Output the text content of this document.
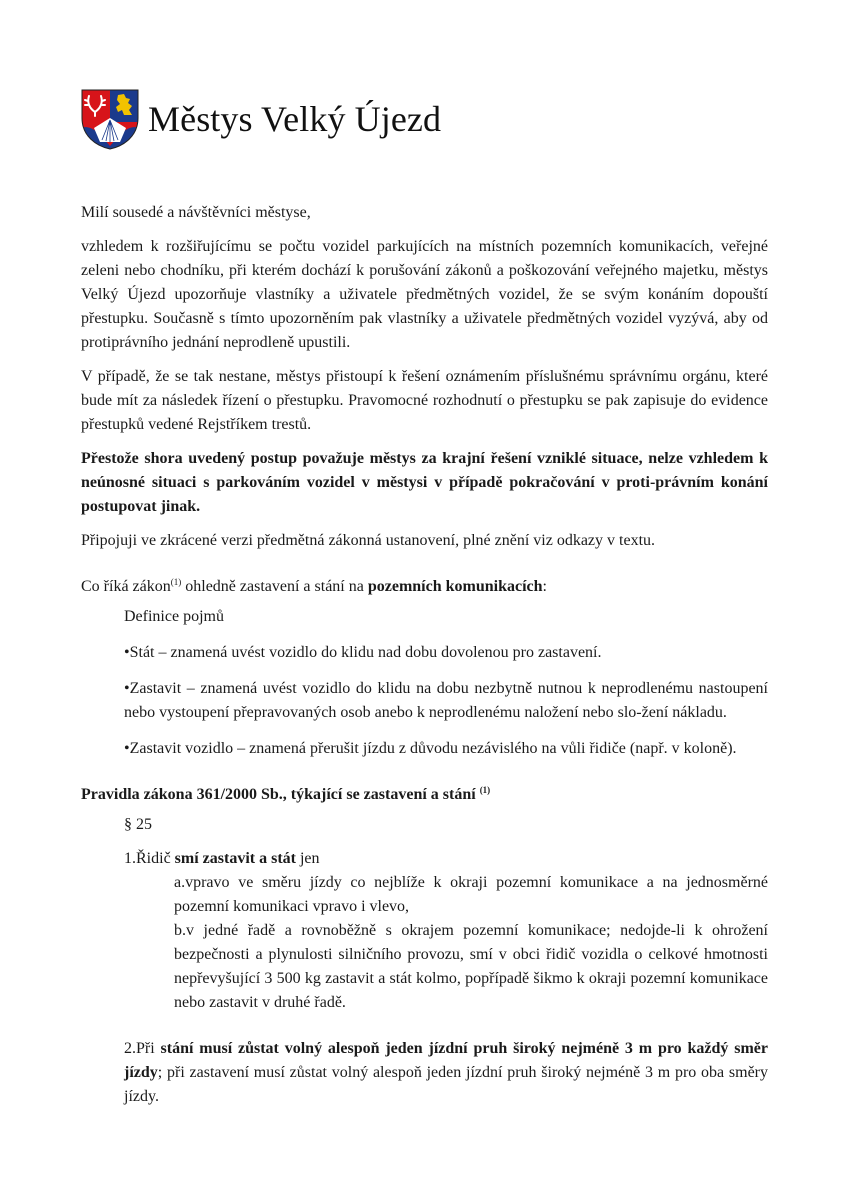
Městys Velký Újezd

Milí sousedé a návštěvníci městyse,

vzhledem k rozšiřujícímu se počtu vozidel parkujících na místních pozemních komunikacích, veřejné zeleni nebo chodníku, při kterém dochází k porušování zákonů a poškozování veřejného majetku, městys Velký Újezd upozorňuje vlastníky a uživatele předmětných vozidel, že se svým konáním dopouští přestupku. Současně s tímto upozorněním pak vlastníky a uživatele předmětných vozidel vyzývá, aby od protiprávního jednání neprodleně upustili.

V případě, že se tak nestane, městys přistoupí k řešení oznámením příslušnému správnímu orgánu, které bude mít za následek řízení o přestupku. Pravomocné rozhodnutí o přestupku se pak zapisuje do evidence přestupků vedené Rejstříkem trestů.

Přestože shora uvedený postup považuje městys za krajní řešení vzniklé situace, nelze vzhledem k neúnosné situaci s parkováním vozidel v městysi v případě pokračování v proti-právním konání postupovat jinak.

Připojuji ve zkrácené verzi předmětná zákonná ustanovení, plné znění viz odkazy v textu.

Co říká zákon$^{(1)}$ ohledně zastavení a stání na pozemních komunikacích:

Definice pojmů

•Stát – znamená uvést vozidlo do klidu nad dobu dovolenou pro zastavení.

•Zastavit – znamená uvést vozidlo do klidu na dobu nezbytně nutnou k neprodlenému nastoupení nebo vystoupení přepravovaných osob anebo k neprodlenému naložení nebo slo-žení nákladu.

•Zastavit vozidlo – znamená přerušit jízdu z důvodu nezávislého na vůli řidiče (např. v koloně).

Pravidla zákona 361/2000 Sb., týkající se zastavení a stání $^{(1)}$

§ 25

1.Řidič smí zastavit a stát jen

a.vpravo ve směru jízdy co nejblíže k okraji pozemní komunikace a na jednosměrné pozemní komunikaci vpravo i vlevo,

b.v jedné řadě a rovnoběžně s okrajem pozemní komunikace; nedojde-li k ohrožení bezpečnosti a plynulosti silničního provozu, smí v obci řidič vozidla o celkové hmotnosti nepřevyšující 3 500 kg zastavit a stát kolmo, popřípadě šikmo k okraji pozemní komunikace nebo zastavit v druhé řadě.

2.Při stání musí zůstat volný alespoň jeden jízdní pruh široký nejméně 3 m pro každý směr jízdy; při zastavení musí zůstat volný alespoň jeden jízdní pruh široký nejméně 3 m pro oba směry jízdy.
